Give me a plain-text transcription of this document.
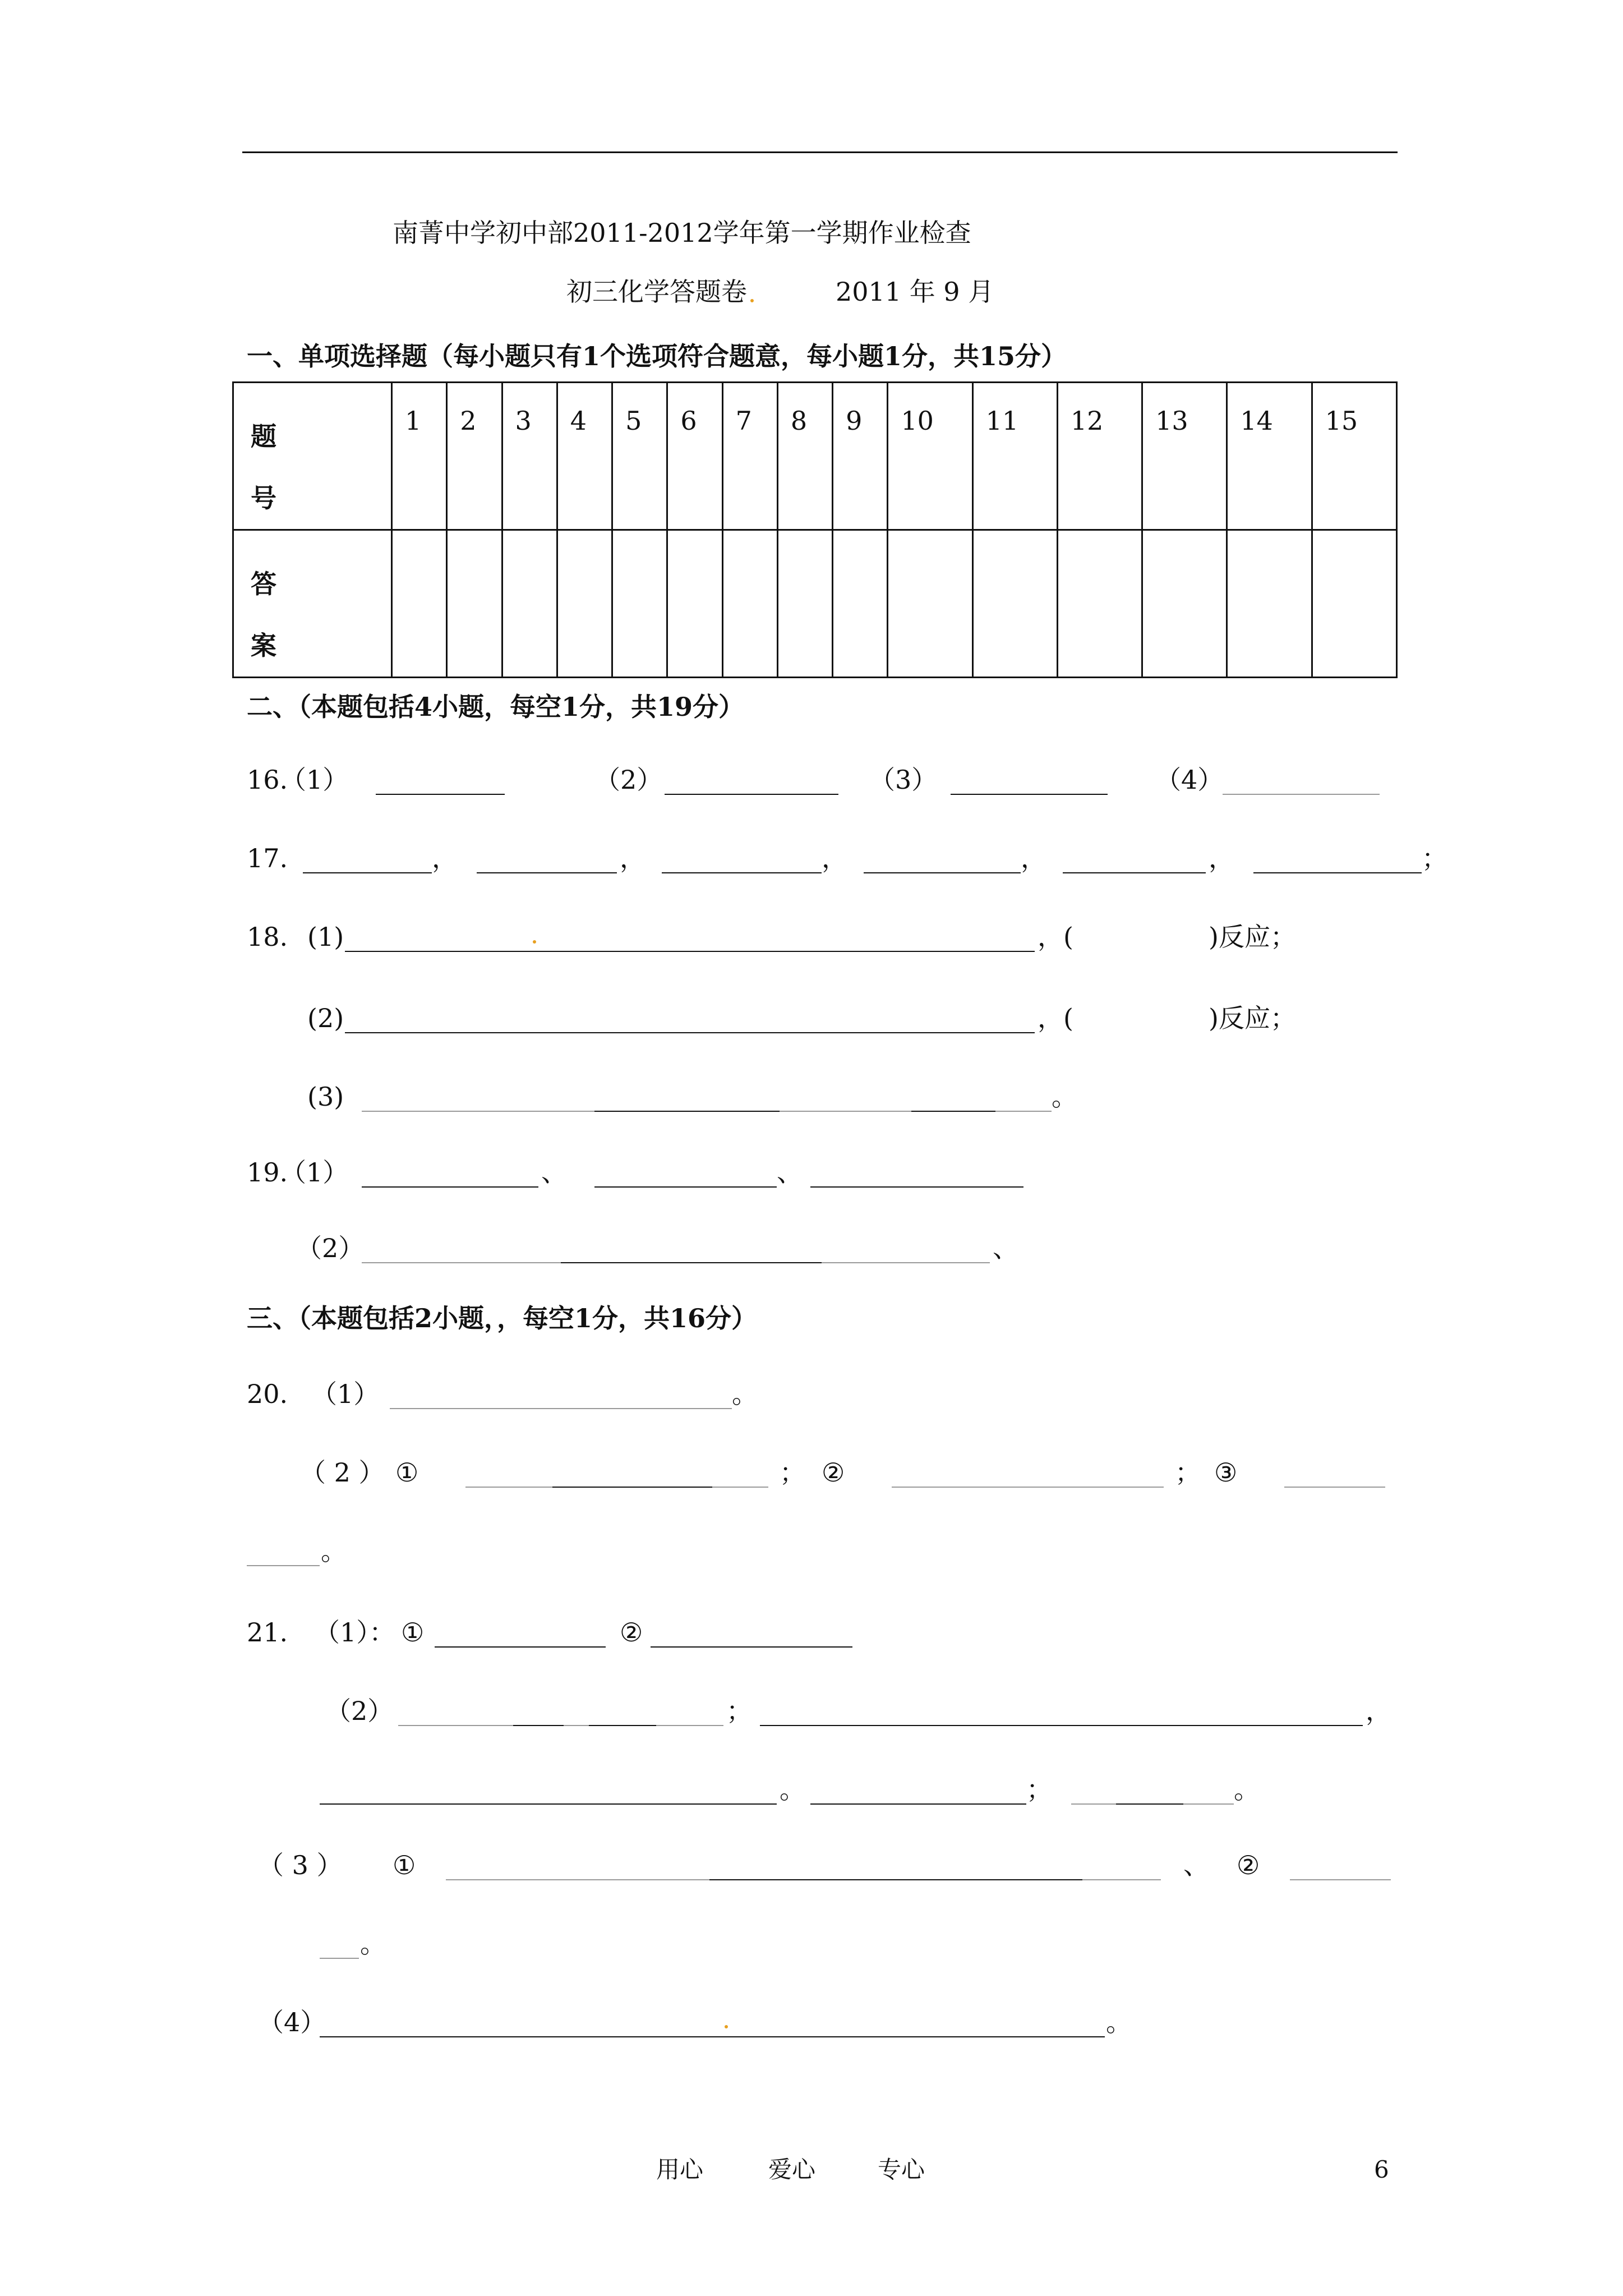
南菁中学初中部2011-2012学年第一学期作业检查
初三化学答题卷	2011 年 9 月
一、单项选择题（每小题只有1个选项符合题意，每小题1分，共15分）
题
号	1	2	3	4	5	6	7	8	9	10	11	12	13	14	15
答
案															
二、（本题包括4小题，每空1分，共19分）
16.
（1）	（2）	（3）	（4）
17.	，	，	，	，	，	；
18. (1)	，(	)反应；
(2)	，(	)反应；
(3)	。
19.
（1）	、	、
（2）	、
三、（本题包括2小题，，每空1分，共16分）
20. （1）	。
（ 2 ） ①	； ②	； ③
。
21. （1）： ①	②
（2）	；	，
。	；	。
（ 3 ） ①	、 ②
。
（4）	。
用心	爱心	专心	6
